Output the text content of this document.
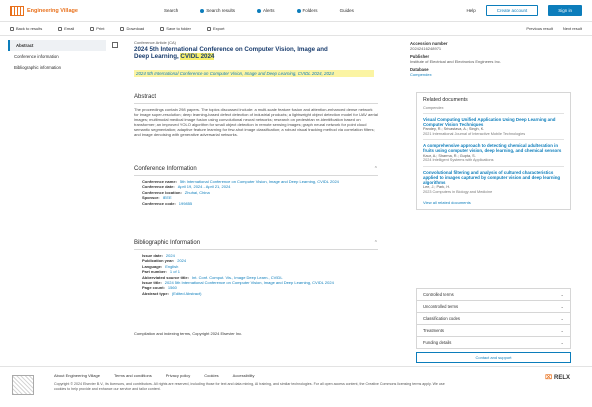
Engineering Village	Search	Search results	Alerts	Folders	Guides	Help	Create account	Sign in
Back to results	Email	Print	Download	Save to folder	Export	Previous result	Next result
Abstract
Conference information
Bibliographic information
Conference Article (CA)
2024 5th International Conference on Computer Vision, Image and Deep Learning, CVIDL 2024
2024 5th International Conference on Computer Vision, Image and Deep Learning, CVIDL 2024, 2024
Abstract
The proceedings contain 298 papers. The topics discussed include: a multi-scale feature fusion and attention-enhanced dense network for image super-resolution; deep learning-based defect detection of industrial products; a lightweight object detection model for UAV aerial images; multimodal medical image fusion using convolutional neural networks; research on pedestrian re-identification based on transformer; an improved YOLO algorithm for small object detection in remote sensing images; graph neural network for point cloud semantic segmentation; adaptive feature learning for few-shot image classification; a robust visual tracking method via correlation filters; and image denoising with generative adversarial networks.
Conference Information	⌃
Conference name: 5th International Conference on Computer Vision, Image and Deep Learning, CVIDL 2024
Conference date: April 19, 2024 - April 21, 2024
Conference location: Zhuhai, China
Sponsor: IEEE
Conference code: 199855
Bibliographic Information	⌃
Issue date: 2024
Publication year: 2024
Language: English
Part number: 1 of 1
Abbreviated source title: Int. Conf. Comput. Vis., Image Deep Learn., CVIDL
Issue title: 2024 5th International Conference on Computer Vision, Image and Deep Learning, CVIDL 2024
Page count: 1560
Abstract type: (Edited Abstract)
Compilation and indexing terms, Copyright 2024 Elsevier Inc.
Accession number
20242416248971
Publisher
Institute of Electrical and Electronics Engineers Inc.
Database
Compendex
Related documents
Compendex
Visual Computing Unified Application Using Deep Learning and Computer Vision Techniques
Pandey, R.; Srivastava, A.; Singh, K.
2021 International Journal of Interactive Mobile Technologies
A comprehensive approach to detecting chemical adulteration in fruits using computer vision, deep learning, and chemical sensors
Kaur, A.; Sharma, R.; Gupta, S.
2024 Intelligent Systems with Applications
Convolutional filtering and analysis of cultured characteristics applied to images captured by computer vision and deep learning algorithms
Lee, J.; Park, H.
2023 Computers in Biology and Medicine
View all related documents
Controlled terms	⌄
Uncontrolled terms	⌄
Classification codes	⌄
Treatments	⌄
Funding details	⌄
Contact and support
About Engineering Village	Terms and conditions	Privacy policy	Cookies	Accessibility
Copyright © 2024 Elsevier B.V., its licensors, and contributors. All rights are reserved, including those for text and data mining, AI training, and similar technologies. For all open access content, the Creative Commons licensing terms apply. We use cookies to help provide and enhance our service and tailor content.
⌧ RELX
